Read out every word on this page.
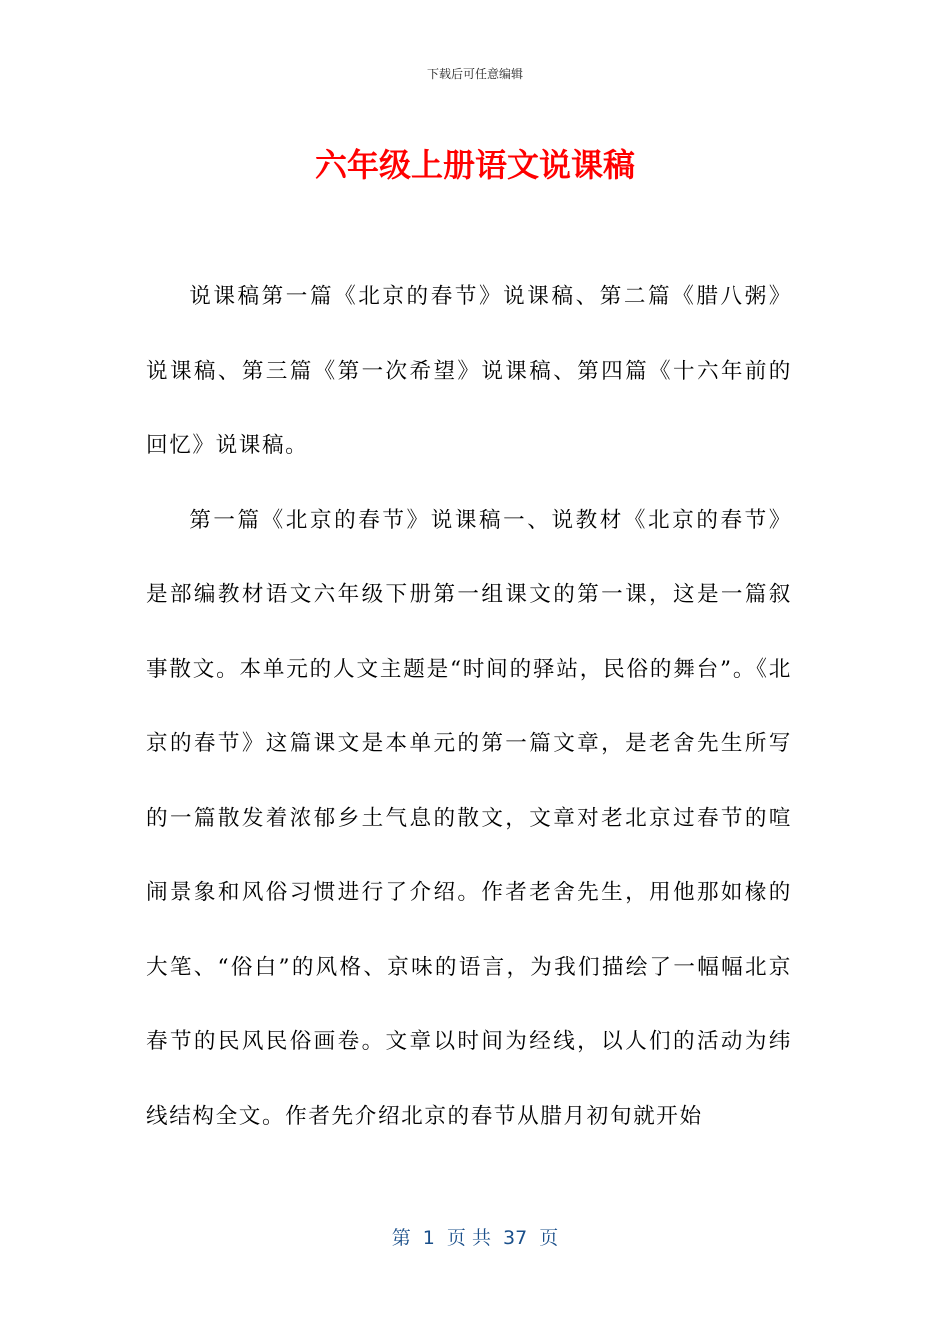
下载后可任意编辑
六年级上册语文说课稿

说课稿第一篇《北京的春节》说课稿、第二篇《腊八粥》说课稿、第三篇《第一次希望》说课稿、第四篇《十六年前的回忆》说课稿。

第一篇《北京的春节》说课稿一、说教材《北京的春节》是部编教材语文六年级下册第一组课文的第一课，这是一篇叙事散文。本单元的人文主题是“时间的驿站，民俗的舞台”。《北京的春节》这篇课文是本单元的第一篇文章，是老舍先生所写的一篇散发着浓郁乡土气息的散文，文章对老北京过春节的喧闹景象和风俗习惯进行了介绍。作者老舍先生，用他那如椽的大笔、“俗白”的风格、京味的语言，为我们描绘了一幅幅北京春节的民风民俗画卷。文章以时间为经线，以人们的活动为纬线结构全文。作者先介绍北京的春节从腊月初旬就开始

第  1  页 共  37  页
